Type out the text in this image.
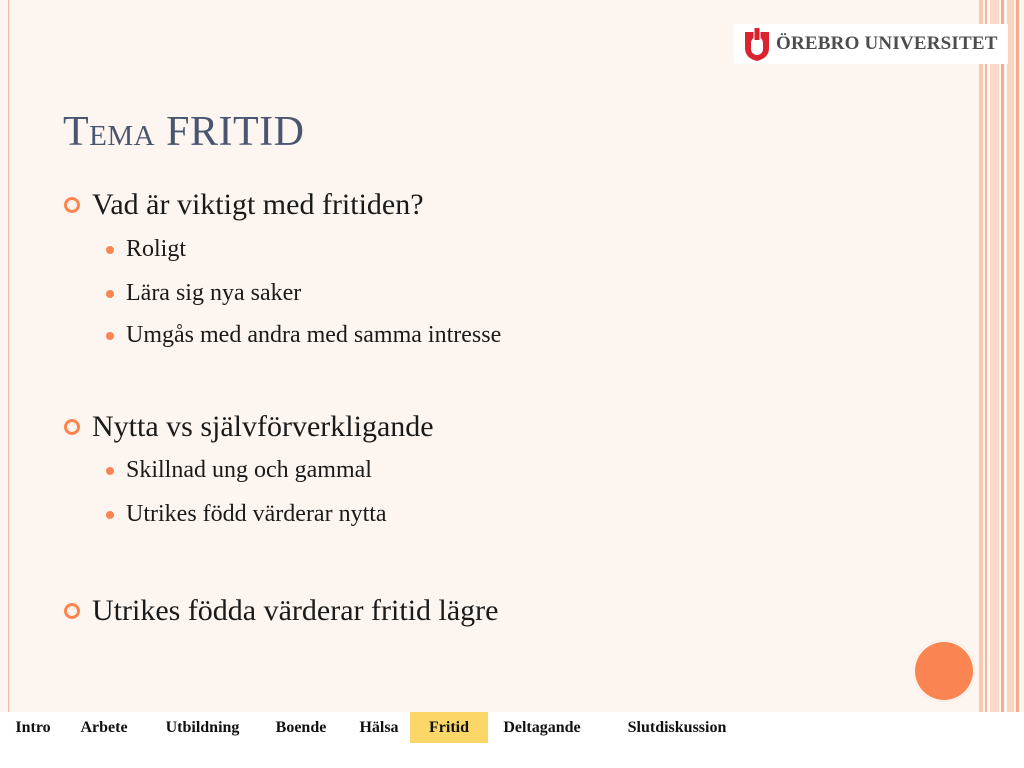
ÖREBRO UNIVERSITET
Tema FRITID
Vad är viktigt med fritiden?
Roligt
Lära sig nya saker
Umgås med andra med samma intresse
Nytta vs självförverkligande
Skillnad ung och gammal
Utrikes född värderar nytta
Utrikes födda värderar fritid lägre
Intro	Arbete	Utbildning	Boende	Hälsa	Fritid	Deltagande	Slutdiskussion
